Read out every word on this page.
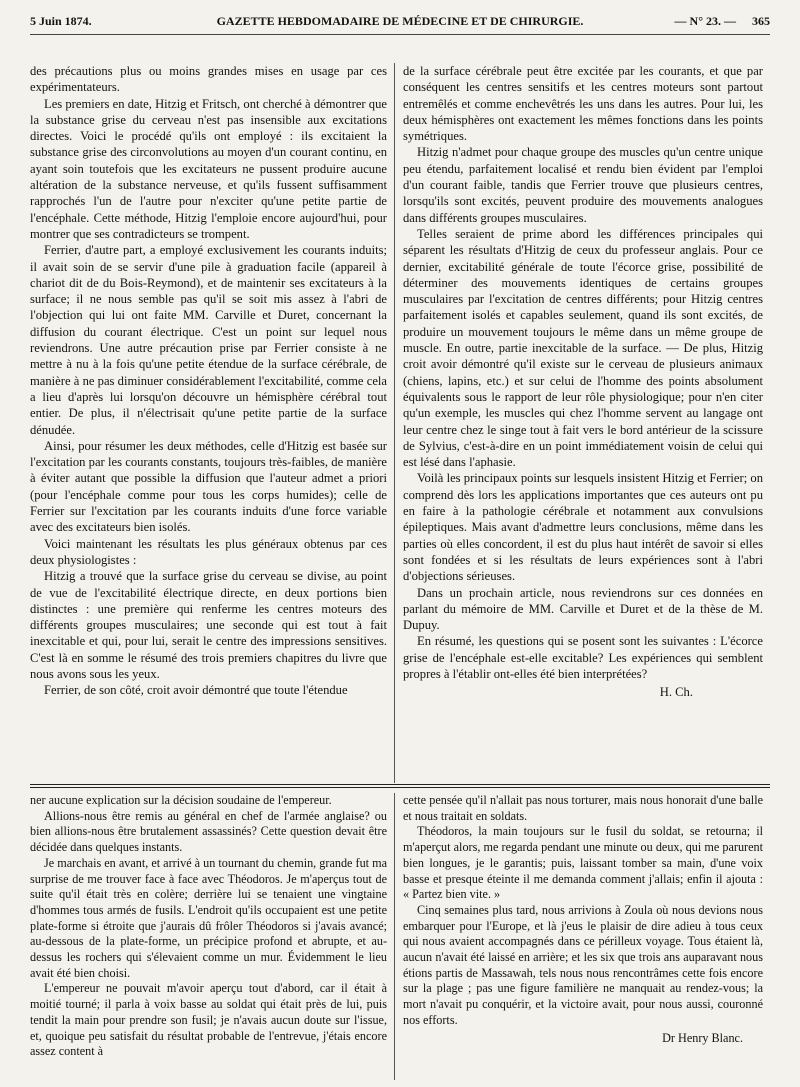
5 Juin 1874.	GAZETTE HEBDOMADAIRE DE MÉDECINE ET DE CHIRURGIE.	— N° 23. — 365

des précautions plus ou moins grandes mises en usage par ces expérimentateurs.

Les premiers en date, Hitzig et Fritsch, ont cherché à démontrer que la substance grise du cerveau n'est pas insensible aux excitations directes. Voici le procédé qu'ils ont employé : ils excitaient la substance grise des circonvolutions au moyen d'un courant continu, en ayant soin toutefois que les excitateurs ne pussent produire aucune altération de la substance nerveuse, et qu'ils fussent suffisamment rapprochés l'un de l'autre pour n'exciter qu'une petite partie de l'encéphale. Cette méthode, Hitzig l'emploie encore aujourd'hui, pour montrer que ses contradicteurs se trompent.

Ferrier, d'autre part, a employé exclusivement les courants induits; il avait soin de se servir d'une pile à graduation facile (appareil à chariot dit de du Bois-Reymond), et de maintenir ses excitateurs à la surface; il ne nous semble pas qu'il se soit mis assez à l'abri de l'objection qui lui ont faite MM. Carville et Duret, concernant la diffusion du courant électrique. C'est un point sur lequel nous reviendrons. Une autre précaution prise par Ferrier consiste à ne mettre à nu à la fois qu'une petite étendue de la surface cérébrale, de manière à ne pas diminuer considérablement l'excitabilité, comme cela a lieu d'après lui lorsqu'on découvre un hémisphère cérébral tout entier. De plus, il n'électrisait qu'une petite partie de la surface dénudée.

Ainsi, pour résumer les deux méthodes, celle d'Hitzig est basée sur l'excitation par les courants constants, toujours très-faibles, de manière à éviter autant que possible la diffusion que l'auteur admet a priori (pour l'encéphale comme pour tous les corps humides); celle de Ferrier sur l'excitation par les courants induits d'une force variable avec des excitateurs bien isolés.

Voici maintenant les résultats les plus généraux obtenus par ces deux physiologistes :

Hitzig a trouvé que la surface grise du cerveau se divise, au point de vue de l'excitabilité électrique directe, en deux portions bien distinctes : une première qui renferme les centres moteurs des différents groupes musculaires; une seconde qui est tout à fait inexcitable et qui, pour lui, serait le centre des impressions sensitives. C'est là en somme le résumé des trois premiers chapitres du livre que nous avons sous les yeux.

Ferrier, de son côté, croit avoir démontré que toute l'étendue

de la surface cérébrale peut être excitée par les courants, et que par conséquent les centres sensitifs et les centres moteurs sont partout entremêlés et comme enchevêtrés les uns dans les autres. Pour lui, les deux hémisphères ont exactement les mêmes fonctions dans les points symétriques.

Hitzig n'admet pour chaque groupe des muscles qu'un centre unique peu étendu, parfaitement localisé et rendu bien évident par l'emploi d'un courant faible, tandis que Ferrier trouve que plusieurs centres, lorsqu'ils sont excités, peuvent produire des mouvements analogues dans différents groupes musculaires.

Telles seraient de prime abord les différences principales qui séparent les résultats d'Hitzig de ceux du professeur anglais. Pour ce dernier, excitabilité générale de toute l'écorce grise, possibilité de déterminer des mouvements identiques de certains groupes musculaires par l'excitation de centres différents; pour Hitzig centres parfaitement isolés et capables seulement, quand ils sont excités, de produire un mouvement toujours le même dans un même groupe de muscle. En outre, partie inexcitable de la surface. — De plus, Hitzig croit avoir démontré qu'il existe sur le cerveau de plusieurs animaux (chiens, lapins, etc.) et sur celui de l'homme des points absolument équivalents sous le rapport de leur rôle physiologique; pour n'en citer qu'un exemple, les muscles qui chez l'homme servent au langage ont leur centre chez le singe tout à fait vers le bord antérieur de la scissure de Sylvius, c'est-à-dire en un point immédiatement voisin de celui qui est lésé dans l'aphasie.

Voilà les principaux points sur lesquels insistent Hitzig et Ferrier; on comprend dès lors les applications importantes que ces auteurs ont pu en faire à la pathologie cérébrale et notamment aux convulsions épileptiques. Mais avant d'admettre leurs conclusions, même dans les parties où elles concordent, il est du plus haut intérêt de savoir si elles sont fondées et si les résultats de leurs expériences sont à l'abri d'objections sérieuses.

Dans un prochain article, nous reviendrons sur ces données en parlant du mémoire de MM. Carville et Duret et de la thèse de M. Dupuy.

En résumé, les questions qui se posent sont les suivantes : L'écorce grise de l'encéphale est-elle excitable? Les expériences qui semblent propres à l'établir ont-elles été bien interprétées?

H. Ch.

ner aucune explication sur la décision soudaine de l'empereur.

Allions-nous être remis au général en chef de l'armée anglaise? ou bien allions-nous être brutalement assassinés? Cette question devait être décidée dans quelques instants.

Je marchais en avant, et arrivé à un tournant du chemin, grande fut ma surprise de me trouver face à face avec Théodoros. Je m'aperçus tout de suite qu'il était très en colère; derrière lui se tenaient une vingtaine d'hommes tous armés de fusils. L'endroit qu'ils occupaient est une petite plate-forme si étroite que j'aurais dû frôler Théodoros si j'avais avancé; au-dessous de la plate-forme, un précipice profond et abrupte, et au-dessus les rochers qui s'élevaient comme un mur. Évidemment le lieu avait été bien choisi.

L'empereur ne pouvait m'avoir aperçu tout d'abord, car il était à moitié tourné; il parla à voix basse au soldat qui était près de lui, puis tendit la main pour prendre son fusil; je n'avais aucun doute sur l'issue, et, quoique peu satisfait du résultat probable de l'entrevue, j'étais encore assez content à

cette pensée qu'il n'allait pas nous torturer, mais nous honorait d'une balle et nous traitait en soldats.

Théodoros, la main toujours sur le fusil du soldat, se retourna; il m'aperçut alors, me regarda pendant une minute ou deux, qui me parurent bien longues, je le garantis; puis, laissant tomber sa main, d'une voix basse et presque éteinte il me demanda comment j'allais; enfin il ajouta : « Partez bien vite. »

Cinq semaines plus tard, nous arrivions à Zoula où nous devions nous embarquer pour l'Europe, et là j'eus le plaisir de dire adieu à tous ceux qui nous avaient accompagnés dans ce périlleux voyage. Tous étaient là, aucun n'avait été laissé en arrière; et les six que trois ans auparavant nous étions partis de Massawah, tels nous nous rencontrâmes cette fois encore sur la plage ; pas une figure familière ne manquait au rendez-vous; la mort n'avait pu conquérir, et la victoire avait, pour nous aussi, couronné nos efforts.

Dr Henry Blanc.
